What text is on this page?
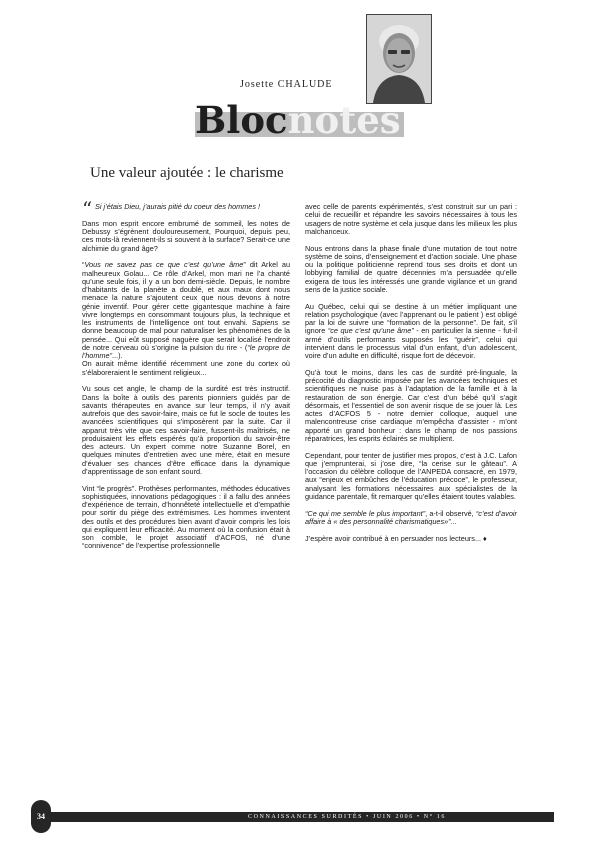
Josette CHALUDE
Blocnotes
Une valeur ajoutée : le charisme

“ Si j’étais Dieu, j’aurais pitié du coeur des hommes !

Dans mon esprit encore embrumé de sommeil, les notes de Debussy s’égrènent douloureusement, Pourquoi, depuis peu, ces mots-là reviennent-ils si souvent à la surface? Serait-ce une alchimie du grand âge?

“Vous ne savez pas ce que c’est qu’une âme” dit Arkel au malheureux Golau... Ce rôle d’Arkel, mon mari ne l’a chanté qu’une seule fois, il y a un bon demi-siècle. Depuis, le nombre d’habitants de la planète a doublé, et aux maux dont nous menace la nature s’ajoutent ceux que nous devons à notre génie inventif. Pour gérer cette gigantesque machine à faire vivre longtemps en consommant toujours plus, la technique et les instruments de l’intelligence ont tout envahi. Sapiens se donne beaucoup de mal pour naturaliser les phénomènes de la pensée... Qui eût supposé naguère que serait localisé l’endroit de notre cerveau où s’origine la pulsion du rire - (“le propre de l’homme”...).

On aurait même identifié récemment une zone du cortex où s’élaboreraient le sentiment religieux...

Vu sous cet angle, le champ de la surdité est très instructif. Dans la boîte à outils des parents pionniers guidés par de savants thérapeutes en avance sur leur temps, il n’y avait autrefois que des savoir-faire, mais ce fut le socle de toutes les avancées scientifiques qui s’imposèrent par la suite. Car il apparut très vite que ces savoir-faire, fussent-ils maîtrisés, ne produisaient les effets espérés qu’à proportion du savoir-être des acteurs. Un expert comme notre Suzanne Borel, en quelques minutes d’entretien avec une mère, était en mesure d’évaluer ses chances d’être efficace dans la dynamique d’apprentissage de son enfant sourd.

Vint “le progrès”. Prothèses performantes, méthodes éducatives sophistiquées, innovations pédagogiques : il a fallu des années d’expérience de terrain, d’honnêteté intellectuelle et d’empathie pour sortir du piège des extrémismes. Les hommes inventent des outils et des procédures bien avant d’avoir compris les lois qui expliquent leur efficacité. Au moment où la confusion était à son comble, le projet associatif d’ACFOS, né d’une “connivence” de l’expertise professionnelle

avec celle de parents expérimentés, s’est construit sur un pari : celui de recueillir et répandre les savoirs nécessaires à tous les usagers de notre système et cela jusque dans les milieux les plus malchanceux.

Nous entrons dans la phase finale d’une mutation de tout notre système de soins, d’enseignement et d’action sociale. Une phase ou la politique politicienne reprend tous ses droits et dont un lobbying familial de quatre décennies m’a persuadée qu’elle exigera de tous les intéressés une grande vigilance et un grand sens de la justice sociale.

Au Québec, celui qui se destine à un métier impliquant une relation psychologique (avec l’apprenant ou le patient ) est obligé par la loi de suivre une “formation de la personne”. De fait, s’il ignore “ce que c’est qu’une âme” - en particulier la sienne - fut-il armé d’outils performants supposés les “guérir”, celui qui intervient dans le processus vital d’un enfant, d’un adolescent, voire d’un adulte en difficulté, risque fort de décevoir.

Qu’à tout le moins, dans les cas de surdité pré-linguale, la précocité du diagnostic imposée par les avancées techniques et scientifiques ne nuise pas à l’adaptation de la famille et à la restauration de son énergie. Car c’est d’un bébé qu’il s’agit désormais, et l’essentiel de son avenir risque de se jouer là. Les actes d’ACFOS 5 - notre dernier colloque, auquel une malencontreuse crise cardiaque m’empêcha d’assister - m’ont apporté un grand bonheur : dans le champ de nos passions réparatrices, les esprits éclairés se multiplient.

Cependant, pour tenter de justifier mes propos, c’est à J.C. Lafon que j’emprunterai, si j’ose dire, “la cerise sur le gâteau”. A l’occasion du célèbre colloque de l’ANPEDA consacré, en 1979, aux “enjeux et embûches de l’éducation précoce”, le professeur, analysant les formations nécessaires aux spécialistes de la guidance parentale, fit remarquer qu’elles étaient toutes valables.

“Ce qui me semble le plus important”, a-t-il observé, “c’est d’avoir affaire à « des personnalité charismatiques»”...

J’espère avoir contribué à en persuader nos lecteurs... ♦

CONNAISSANCES SURDITÉS • JUIN 2006 • N° 16
34
